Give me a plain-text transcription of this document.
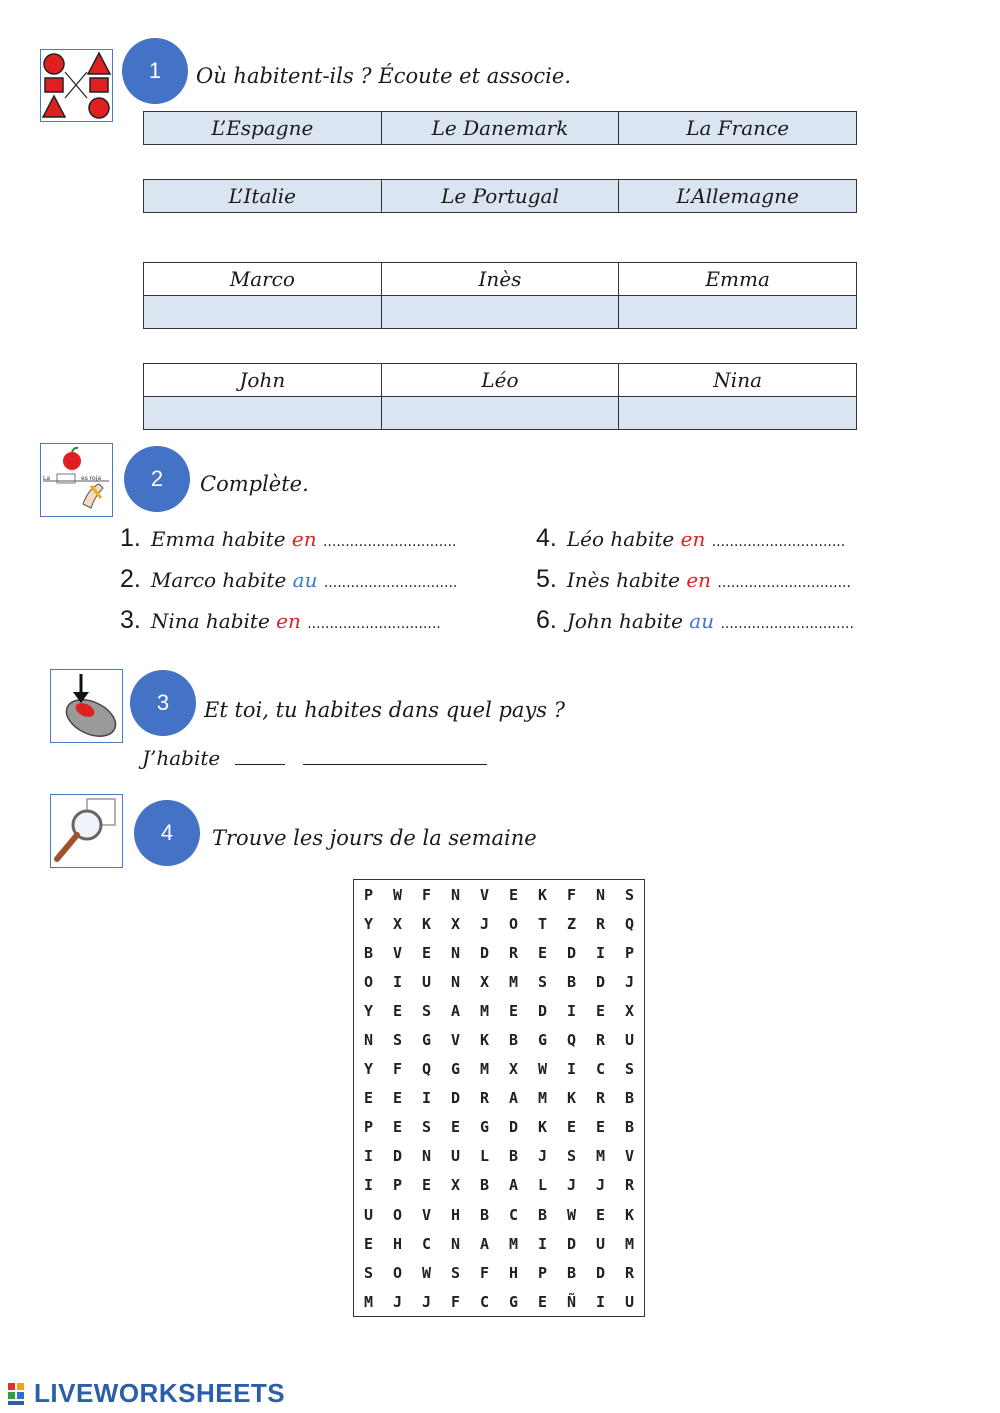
1	Où habitent-ils ? Écoute et associe.
L’Espagne	Le Danemark	La France
L’Italie	Le Portugal	L’Allemagne
Marco	Inès	Emma

John	Léo	Nina

La	es roja	2	Complète.
1. Emma habite en ..............................
2. Marco habite au ..............................
3. Nina habite en ..............................
4. Léo habite en ..............................
5. Inès habite en ..............................
6. John habite au ..............................
3	Et toi, tu habites dans quel pays ?
J’habite
4	Trouve les jours de la semaine
P	W	F	N	V	E	K	F	N	S
Y	X	K	X	J	O	T	Z	R	Q
B	V	E	N	D	R	E	D	I	P
O	I	U	N	X	M	S	B	D	J
Y	E	S	A	M	E	D	I	E	X
N	S	G	V	K	B	G	Q	R	U
Y	F	Q	G	M	X	W	I	C	S
E	E	I	D	R	A	M	K	R	B
P	E	S	E	G	D	K	E	E	B
I	D	N	U	L	B	J	S	M	V
I	P	E	X	B	A	L	J	J	R
U	O	V	H	B	C	B	W	E	K
E	H	C	N	A	M	I	D	U	M
S	O	W	S	F	H	P	B	D	R
M	J	J	F	C	G	E	Ñ	I	U
LIVEWORKSHEETS
